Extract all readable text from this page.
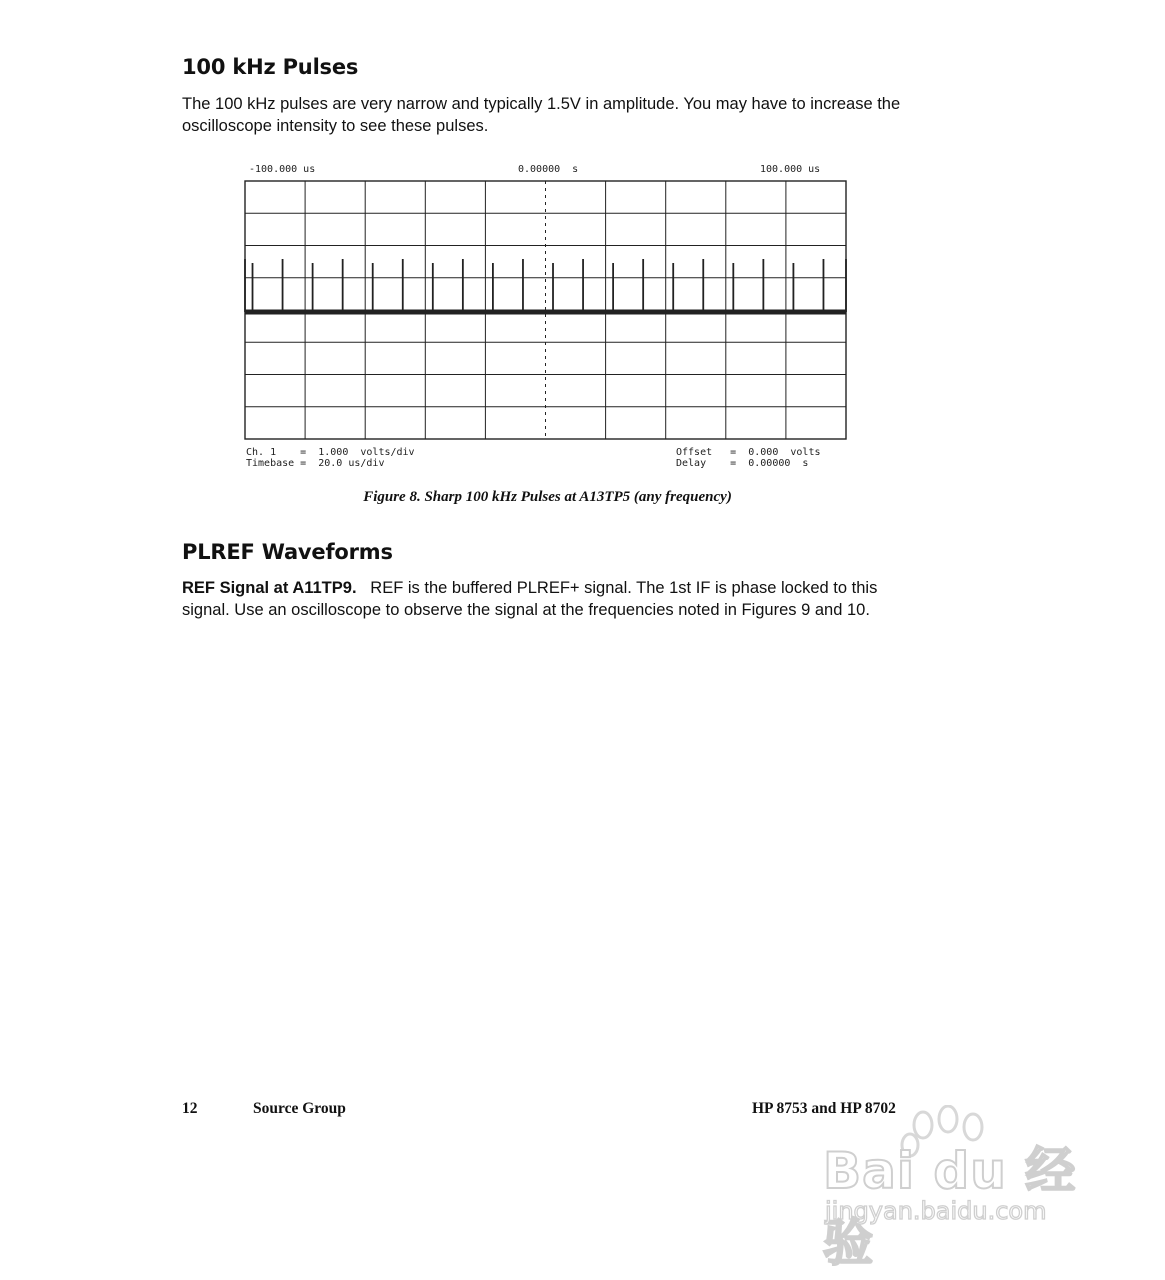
100 kHz Pulses

The 100 kHz pulses are very narrow and typically 1.5V in amplitude. You may have to increase the oscilloscope intensity to see these pulses.

-100.000 us	0.00000  s	100.000 us
Ch. 1    =  1.000  volts/div
Timebase =  20.0 us/div
Offset   =  0.000  volts
Delay    =  0.00000  s
Figure 8. Sharp 100 kHz Pulses at A13TP5 (any frequency)
PLREF Waveforms

REF Signal at A11TP9. REF is the buffered PLREF+ signal. The 1st IF is phase locked to this signal. Use an oscilloscope to observe the signal at the frequencies noted in Figures 9 and 10.

12	Source Group	HP 8753 and HP 8702
Bai du 经验
jingyan.baidu.com
